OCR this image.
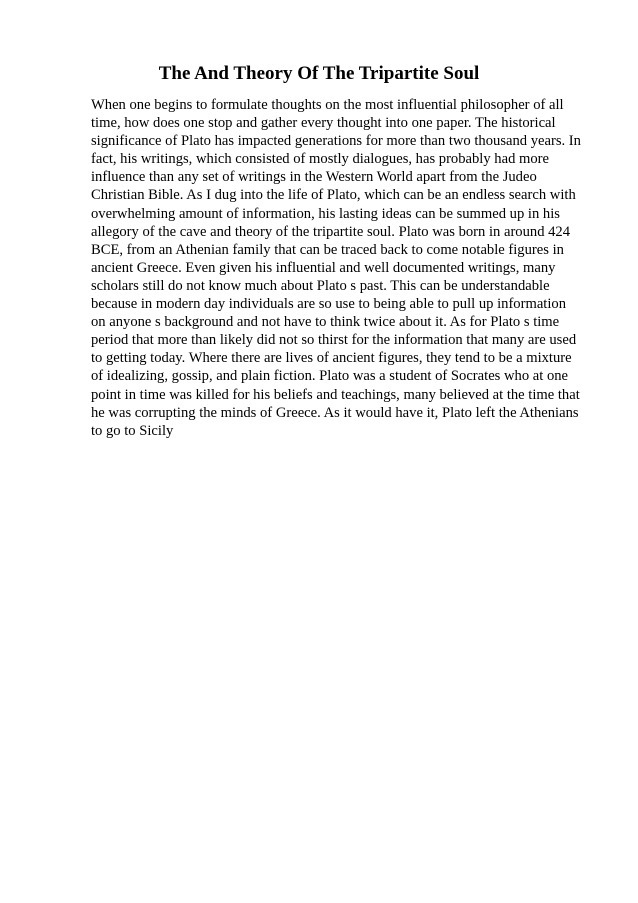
The And Theory Of The Tripartite Soul
When one begins to formulate thoughts on the most influential philosopher of all
time, how does one stop and gather every thought into one paper. The historical
significance of Plato has impacted generations for more than two thousand years. In
fact, his writings, which consisted of mostly dialogues, has probably had more
influence than any set of writings in the Western World apart from the Judeo
Christian Bible. As I dug into the life of Plato, which can be an endless search with
overwhelming amount of information, his lasting ideas can be summed up in his
allegory of the cave and theory of the tripartite soul. Plato was born in around 424
BCE, from an Athenian family that can be traced back to come notable figures in
ancient Greece. Even given his influential and well documented writings, many
scholars still do not know much about Plato s past. This can be understandable
because in modern day individuals are so use to being able to pull up information
on anyone s background and not have to think twice about it. As for Plato s time
period that more than likely did not so thirst for the information that many are used
to getting today. Where there are lives of ancient figures, they tend to be a mixture
of idealizing, gossip, and plain fiction. Plato was a student of Socrates who at one
point in time was killed for his beliefs and teachings, many believed at the time that
he was corrupting the minds of Greece. As it would have it, Plato left the Athenians
to go to Sicily
